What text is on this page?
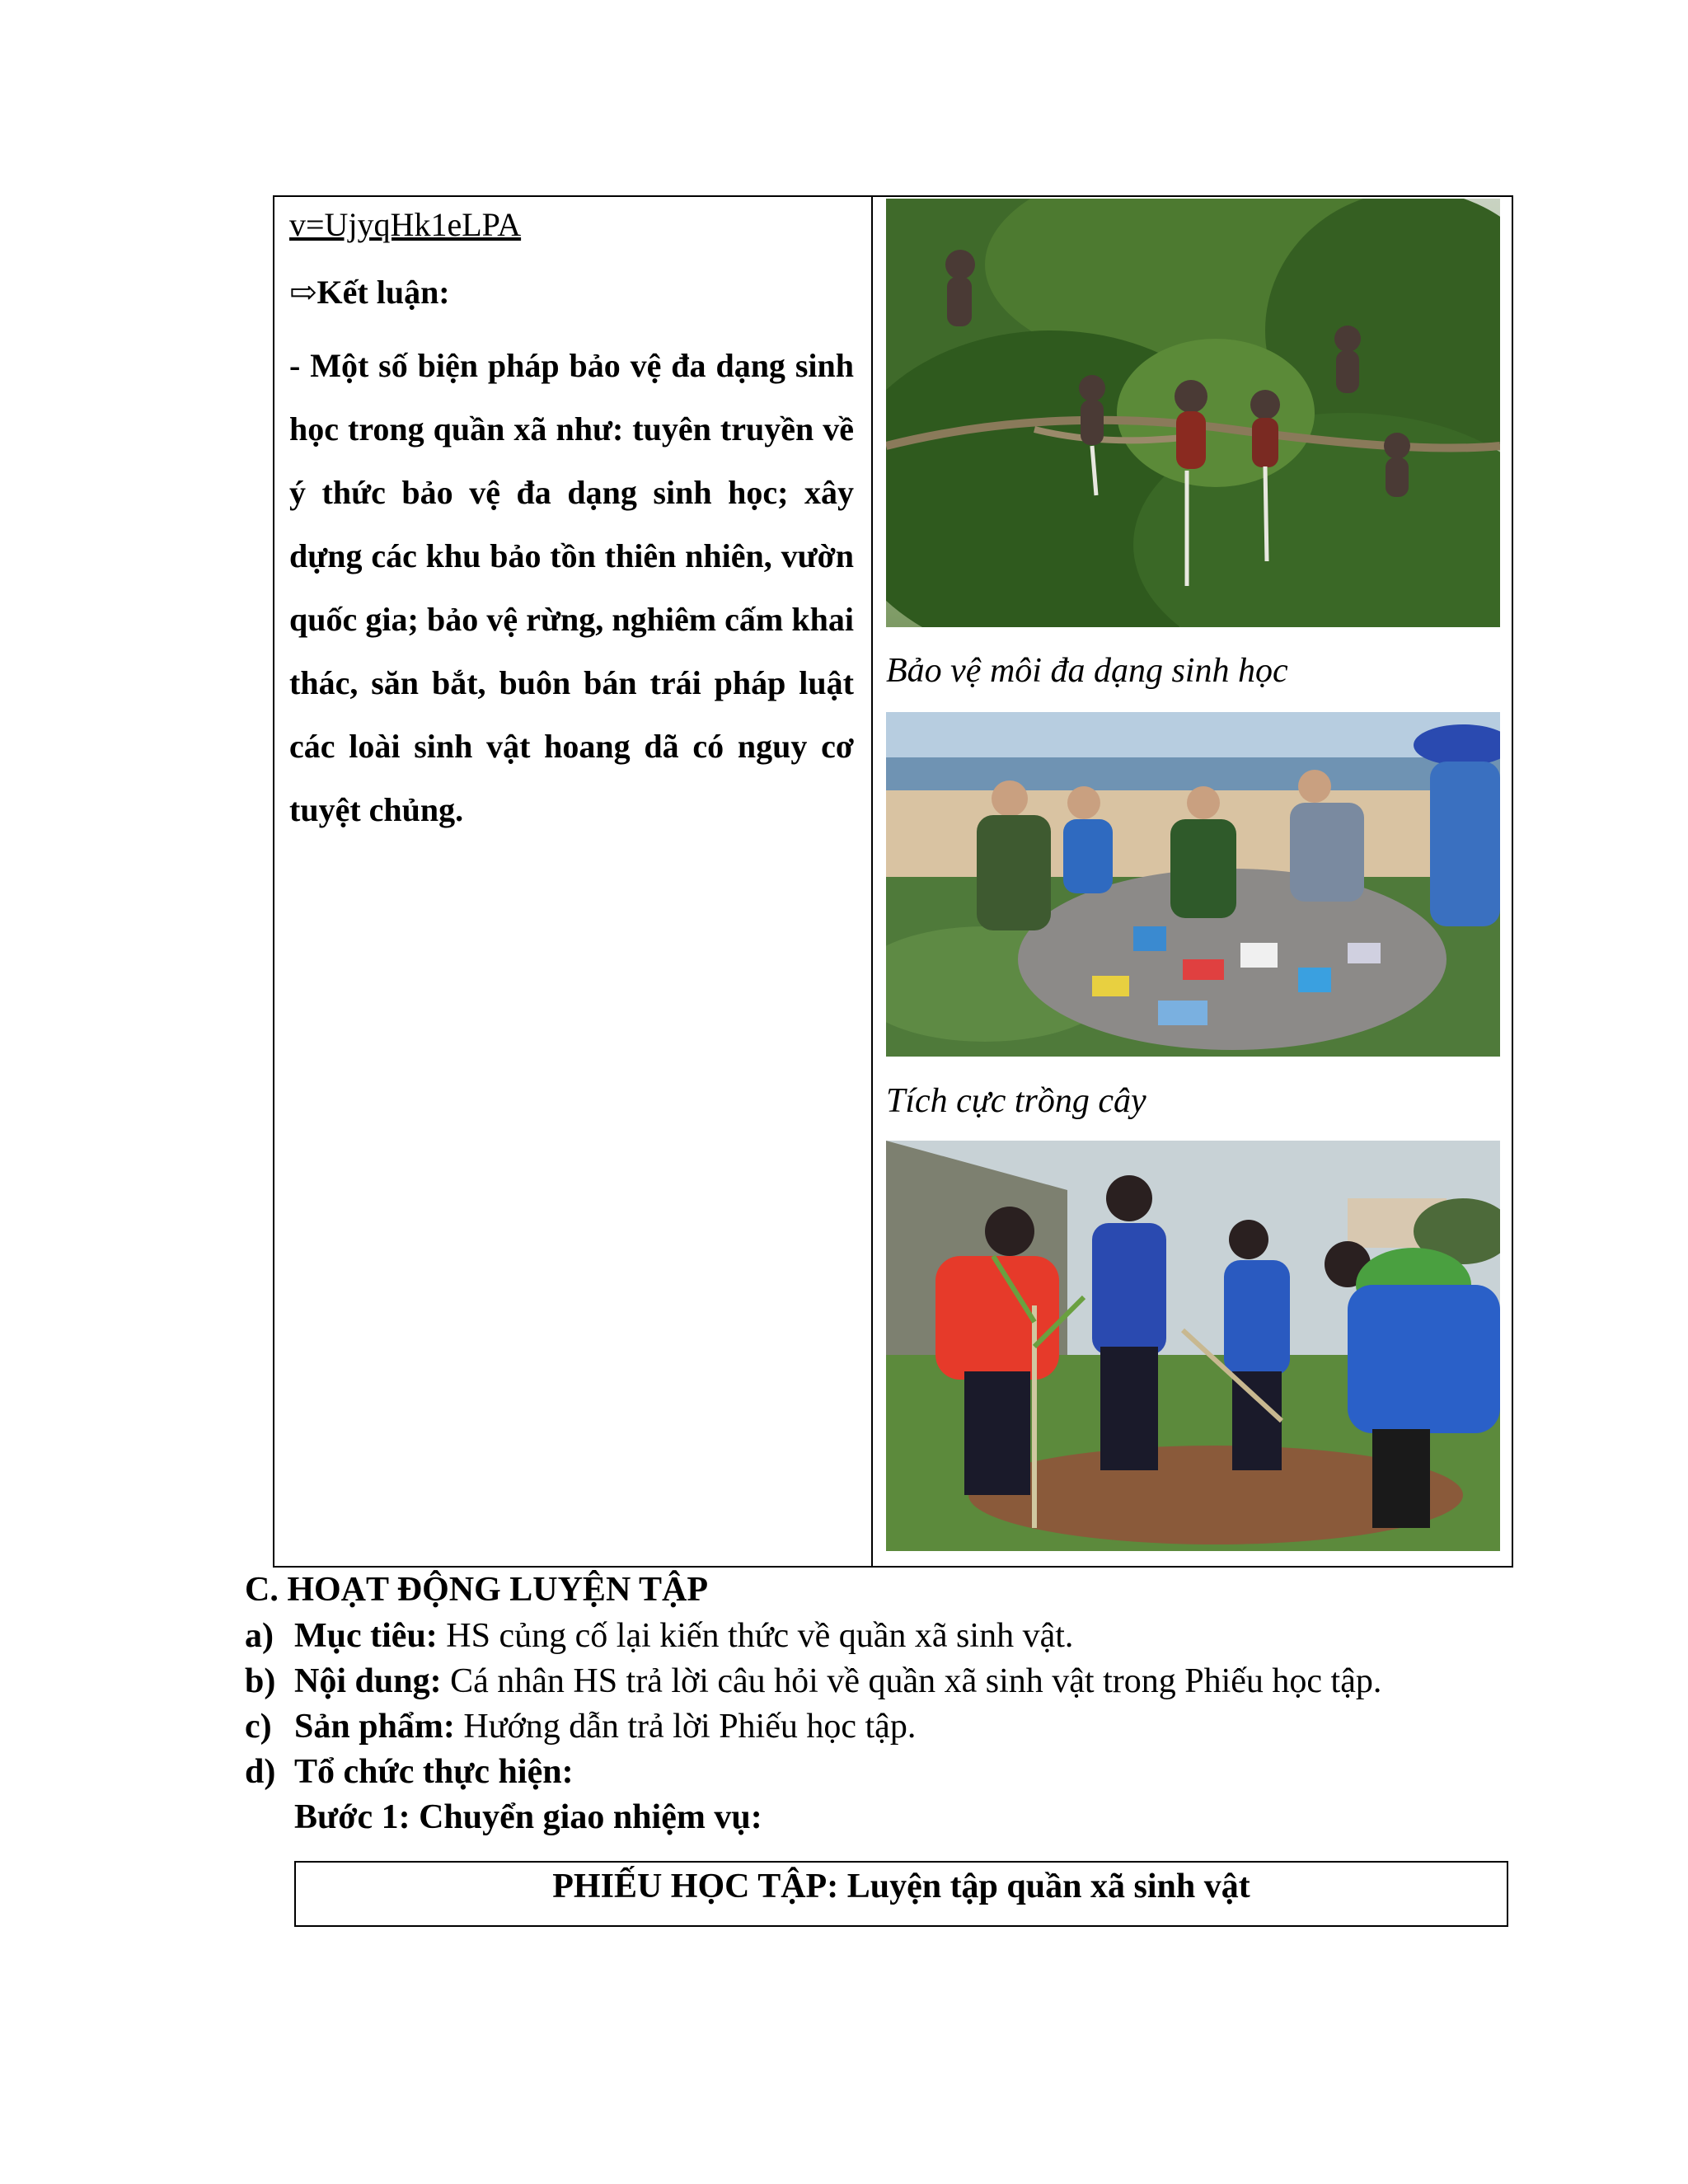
v=UjyqHk1eLPA
⇨Kết luận:
- Một số biện pháp bảo vệ đa dạng sinh học trong quần xã như: tuyên truyền về ý thức bảo vệ đa dạng sinh học; xây dựng các khu bảo tồn thiên nhiên, vườn quốc gia; bảo vệ rừng, nghiêm cấm khai thác, săn bắt, buôn bán trái pháp luật các loài sinh vật hoang dã có nguy cơ tuyệt chủng.
Bảo vệ môi đa dạng sinh học
Tích cực trồng cây
C. HOẠT ĐỘNG LUYỆN TẬP
a) Mục tiêu: HS củng cố lại kiến thức về quần xã sinh vật.
b) Nội dung: Cá nhân HS trả lời câu hỏi về quần xã sinh vật trong Phiếu học tập.
c) Sản phẩm: Hướng dẫn trả lời Phiếu học tập.
d) Tổ chức thực hiện:
Bước 1: Chuyển giao nhiệm vụ:
PHIẾU HỌC TẬP: Luyện tập quần xã sinh vật
